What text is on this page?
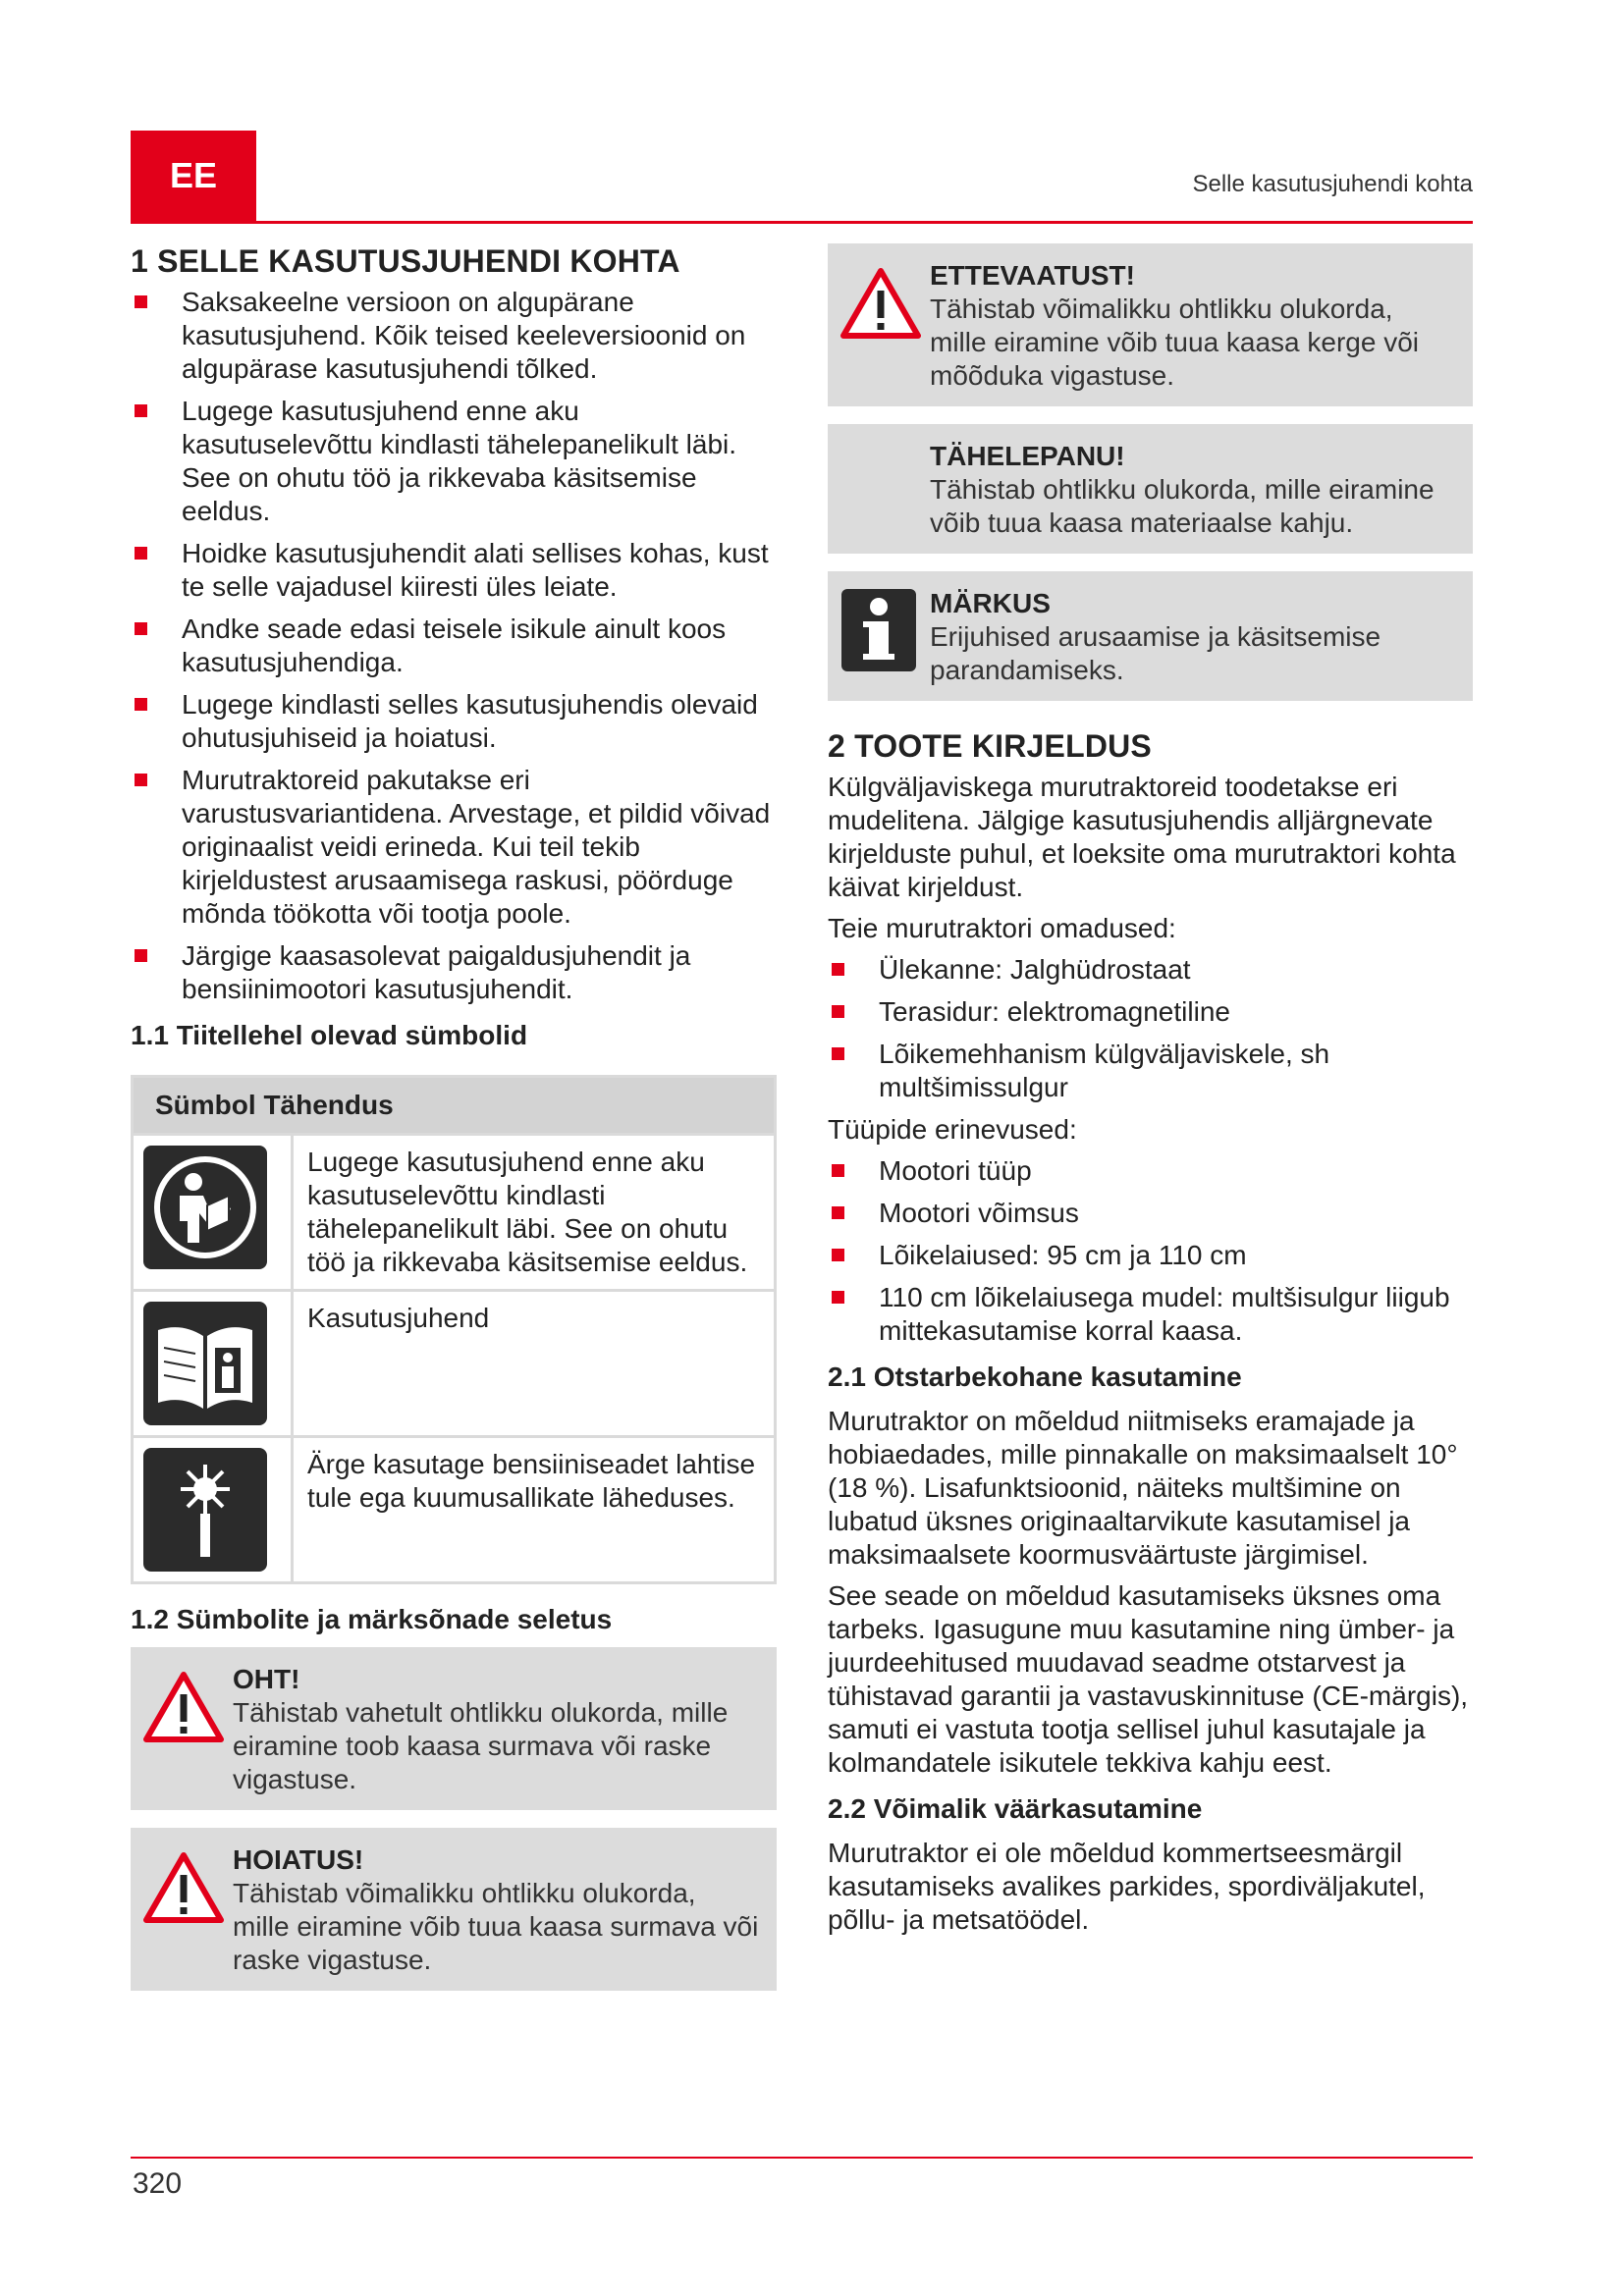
EE	Selle kasutusjuhendi kohta
1 SELLE KASUTUSJUHENDI KOHTA
Saksakeelne versioon on algupärane kasutusjuhend. Kõik teised keeleversioonid on algupärase kasutusjuhendi tõlked.
Lugege kasutusjuhend enne aku kasutuselevõttu kindlasti tähelepanelikult läbi. See on ohutu töö ja rikkevaba käsitsemise eeldus.
Hoidke kasutusjuhendit alati sellises kohas, kust te selle vajadusel kiiresti üles leiate.
Andke seade edasi teisele isikule ainult koos kasutusjuhendiga.
Lugege kindlasti selles kasutusjuhendis olevaid ohutusjuhiseid ja hoiatusi.
Murutraktoreid pakutakse eri varustusvariantidena. Arvestage, et pildid võivad originaalist veidi erineda. Kui teil tekib kirjeldustest arusaamisega raskusi, pöörduge mõnda töökotta või tootja poole.
Järgige kaasasolevat paigaldusjuhendit ja bensiinimootori kasutusjuhendit.
1.1 Tiitellehel olevad sümbolid
Sümbol Tähendus	

	Lugege kasutusjuhend enne aku kasutuselevõttu kindlasti tähelepanelikult läbi. See on ohutu töö ja rikkevaba käsitsemise eeldus.

	Kasutusjuhend

	Ärge kasutage bensiiniseadet lahtise tule ega kuumusallikate läheduses.
1.2 Sümbolite ja märksõnade seletus
OHT!
Tähistab vahetult ohtlikku olukorda, mille eiramine toob kaasa surmava või raske vigastuse.
HOIATUS!
Tähistab võimalikku ohtlikku olukorda, mille eiramine võib tuua kaasa surmava või raske vigastuse.
ETTEVAATUST!
Tähistab võimalikku ohtlikku olukorda, mille eiramine võib tuua kaasa kerge või mõõduka vigastuse.
TÄHELEPANU!
Tähistab ohtlikku olukorda, mille eiramine võib tuua kaasa materiaalse kahju.
MÄRKUS
Erijuhised arusaamise ja käsitsemise parandamiseks.
2 TOOTE KIRJELDUS

Külgväljaviskega murutraktoreid toodetakse eri mudelitena. Jälgige kasutusjuhendis alljärgnevate kirjelduste puhul, et loeksite oma murutraktori kohta käivat kirjeldust.

Teie murutraktori omadused:

Ülekanne: Jalghüdrostaat
Terasidur: elektromagnetiline
Lõikemehhanism külgväljaviskele, sh multšimissulgur

Tüüpide erinevused:

Mootori tüüp
Mootori võimsus
Lõikelaiused: 95 cm ja 110 cm
110 cm lõikelaiusega mudel: multšisulgur liigub mittekasutamise korral kaasa.
2.1 Otstarbekohane kasutamine

Murutraktor on mõeldud niitmiseks eramajade ja hobiaedades, mille pinnakalle on maksimaalselt 10° (18 %). Lisafunktsioonid, näiteks multšimine on lubatud üksnes originaaltarvikute kasutamisel ja maksimaalsete koormusväärtuste järgimisel.

See seade on mõeldud kasutamiseks üksnes oma tarbeks. Igasugune muu kasutamine ning ümber- ja juurdeehitused muudavad seadme otstarvest ja tühistavad garantii ja vastavuskinnituse (CE-märgis), samuti ei vastuta tootja sellisel juhul kasutajale ja kolmandatele isikutele tekkiva kahju eest.

2.2 Võimalik väärkasutamine

Murutraktor ei ole mõeldud kommertseesmärgil kasutamiseks avalikes parkides, spordiväljakutel, põllu- ja metsatöödel.

320
